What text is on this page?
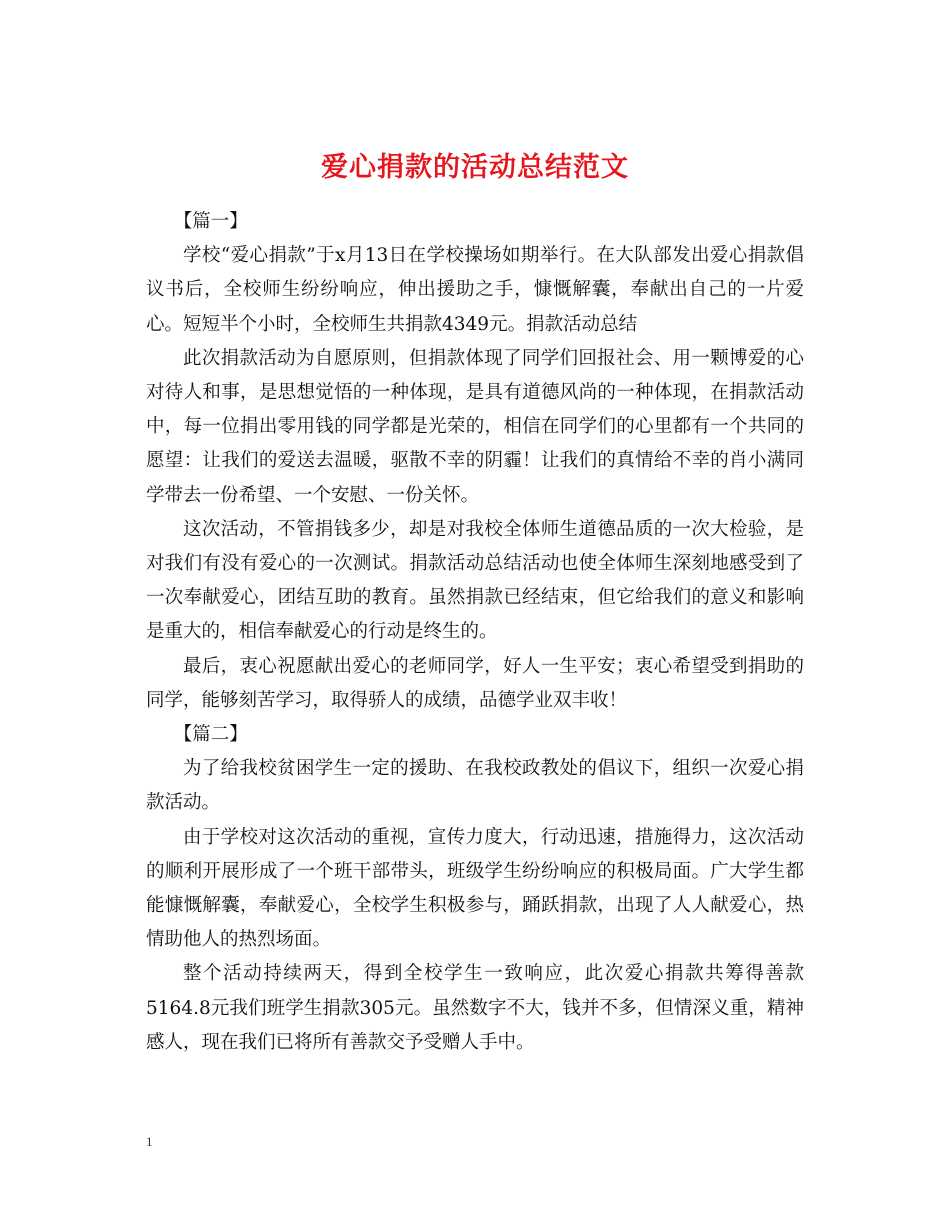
爱心捐款的活动总结范文

【篇一】

学校“爱心捐款”于x月13日在学校操场如期举行。在大队部发出爱心捐款倡议书后，全校师生纷纷响应，伸出援助之手，慷慨解囊，奉献出自己的一片爱心。短短半个小时，全校师生共捐款4349元。捐款活动总结

此次捐款活动为自愿原则，但捐款体现了同学们回报社会、用一颗博爱的心对待人和事，是思想觉悟的一种体现，是具有道德风尚的一种体现，在捐款活动中，每一位捐出零用钱的同学都是光荣的，相信在同学们的心里都有一个共同的愿望：让我们的爱送去温暖，驱散不幸的阴霾！让我们的真情给不幸的肖小满同学带去一份希望、一个安慰、一份关怀。

这次活动，不管捐钱多少，却是对我校全体师生道德品质的一次大检验，是对我们有没有爱心的一次测试。捐款活动总结活动也使全体师生深刻地感受到了一次奉献爱心，团结互助的教育。虽然捐款已经结束，但它给我们的意义和影响是重大的，相信奉献爱心的行动是终生的。

最后，衷心祝愿献出爱心的老师同学，好人一生平安；衷心希望受到捐助的同学，能够刻苦学习，取得骄人的成绩，品德学业双丰收！

【篇二】

为了给我校贫困学生一定的援助、在我校政教处的倡议下，组织一次爱心捐款活动。

由于学校对这次活动的重视，宣传力度大，行动迅速，措施得力，这次活动的顺利开展形成了一个班干部带头，班级学生纷纷响应的积极局面。广大学生都能慷慨解囊，奉献爱心，全校学生积极参与，踊跃捐款，出现了人人献爱心，热情助他人的热烈场面。

整个活动持续两天，得到全校学生一致响应，此次爱心捐款共筹得善款5164.8元我们班学生捐款305元。虽然数字不大，钱并不多，但情深义重，精神感人，现在我们已将所有善款交予受赠人手中。

1
